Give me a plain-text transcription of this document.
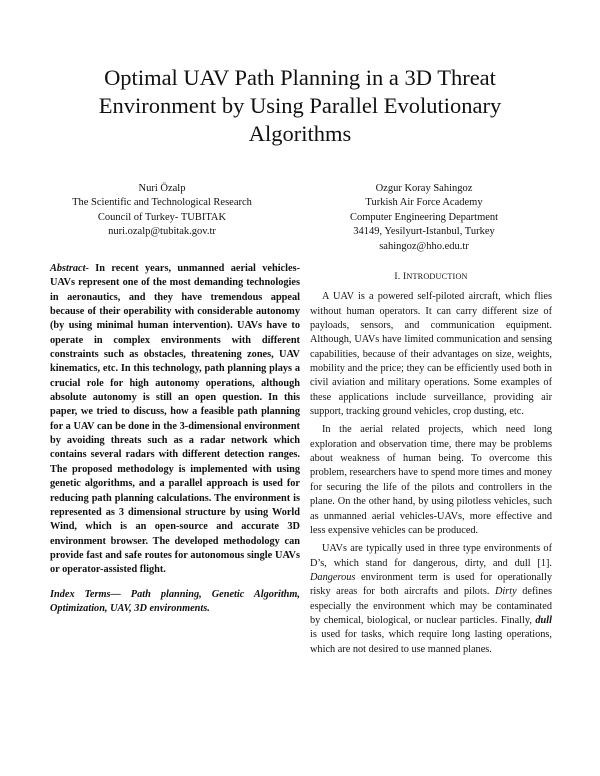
Optimal UAV Path Planning in a 3D Threat
Environment by Using Parallel Evolutionary
Algorithms
Nuri Özalp
The Scientific and Technological Research
Council of Turkey- TUBITAK
nuri.ozalp@tubitak.gov.tr
Ozgur Koray Sahingoz
Turkish Air Force Academy
Computer Engineering Department
34149, Yesilyurt-Istanbul, Turkey
sahingoz@hho.edu.tr

Abstract- In recent years, unmanned aerial vehicles-UAVs represent one of the most demanding technologies in aeronautics, and they have tremendous appeal because of their operability with considerable autonomy (by using minimal human intervention). UAVs have to operate in complex environments with different constraints such as obstacles, threatening zones, UAV kinematics, etc. In this technology, path planning plays a crucial role for high autonomy operations, although absolute autonomy is still an open question. In this paper, we tried to discuss, how a feasible path planning for a UAV can be done in the 3-dimensional environment by avoiding threats such as a radar network which contains several radars with different detection ranges. The proposed methodology is implemented with using genetic algorithms, and a parallel approach is used for reducing path planning calculations. The environment is represented as 3 dimensional structure by using World Wind, which is an open-source and accurate 3D environment browser. The developed methodology can provide fast and safe routes for autonomous single UAVs or operator-assisted flight.

Index Terms— Path planning, Genetic Algorithm, Optimization, UAV, 3D environments.

I. INTRODUCTION

A UAV is a powered self-piloted aircraft, which flies without human operators. It can carry different size of payloads, sensors, and communication equipment. Although, UAVs have limited communication and sensing capabilities, because of their advantages on size, weights, mobility and the price; they can be efficiently used both in civil aviation and military operations. Some examples of these applications include surveillance, providing air support, tracking ground vehicles, crop dusting, etc.

In the aerial related projects, which need long exploration and observation time, there may be problems about weakness of human being. To overcome this problem, researchers have to spend more times and money for securing the life of the pilots and controllers in the plane. On the other hand, by using pilotless vehicles, such as unmanned aerial vehicles-UAVs, more effective and less expensive vehicles can be produced.

UAVs are typically used in three type environments of D’s, which stand for dangerous, dirty, and dull [1]. Dangerous environment term is used for operationally risky areas for both aircrafts and pilots. Dirty defines especially the environment which may be contaminated by chemical, biological, or nuclear particles. Finally, dull is used for tasks, which require long lasting operations, which are not desired to use manned planes.
